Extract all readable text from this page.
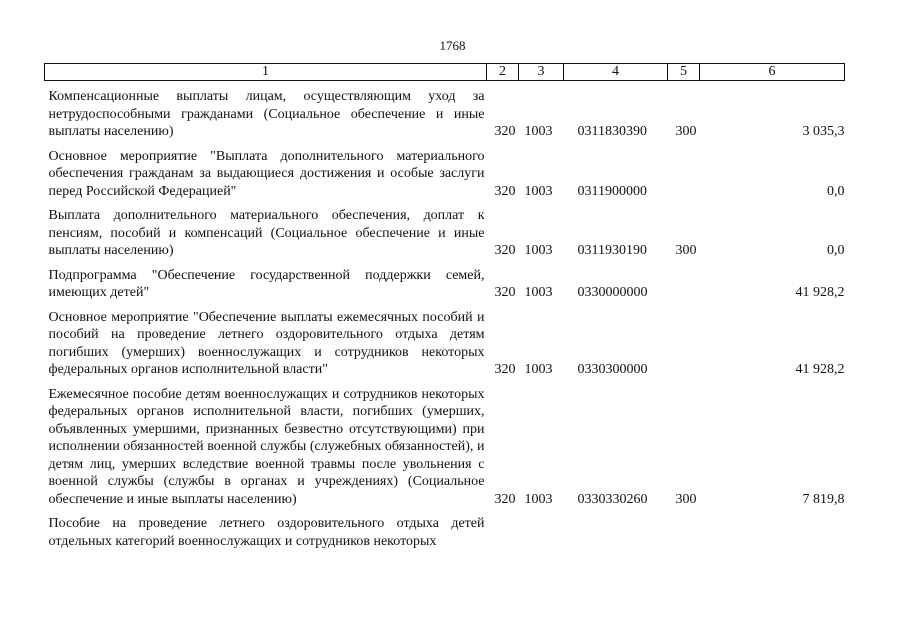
1768
1	2	3	4	5	6

Компенсационные выплаты лицам, осуществляющим уход за нетрудоспособными гражданами (Социальное обеспечение и иные выплаты населению)	320	1003	0311830390	300	3 035,3

Основное мероприятие "Выплата дополнительного материального обеспечения гражданам за выдающиеся достижения и особые заслуги перед Российской Федерацией"	320	1003	0311900000		0,0

Выплата дополнительного материального обеспечения, доплат к пенсиям, пособий и компенсаций (Социальное обеспечение и иные выплаты населению)	320	1003	0311930190	300	0,0

Подпрограмма "Обеспечение государственной поддержки семей, имеющих детей"	320	1003	0330000000		41 928,2

Основное мероприятие "Обеспечение выплаты ежемесячных пособий и пособий на проведение летнего оздоровительного отдыха детям погибших (умерших) военнослужащих и сотрудников некоторых федеральных органов исполнительной власти"	320	1003	0330300000		41 928,2

Ежемесячное пособие детям военнослужащих и сотрудников некоторых федеральных органов исполнительной власти, погибших (умерших, объявленных умершими, признанных безвестно отсутствующими) при исполнении обязанностей военной службы (служебных обязанностей), и детям лиц, умерших вследствие военной травмы после увольнения с военной службы (службы в органах и учреждениях) (Социальное обеспечение и иные выплаты населению)	320	1003	0330330260	300	7 819,8

Пособие на проведение летнего оздоровительного отдыха детей отдельных категорий военнослужащих и сотрудников некоторых					
